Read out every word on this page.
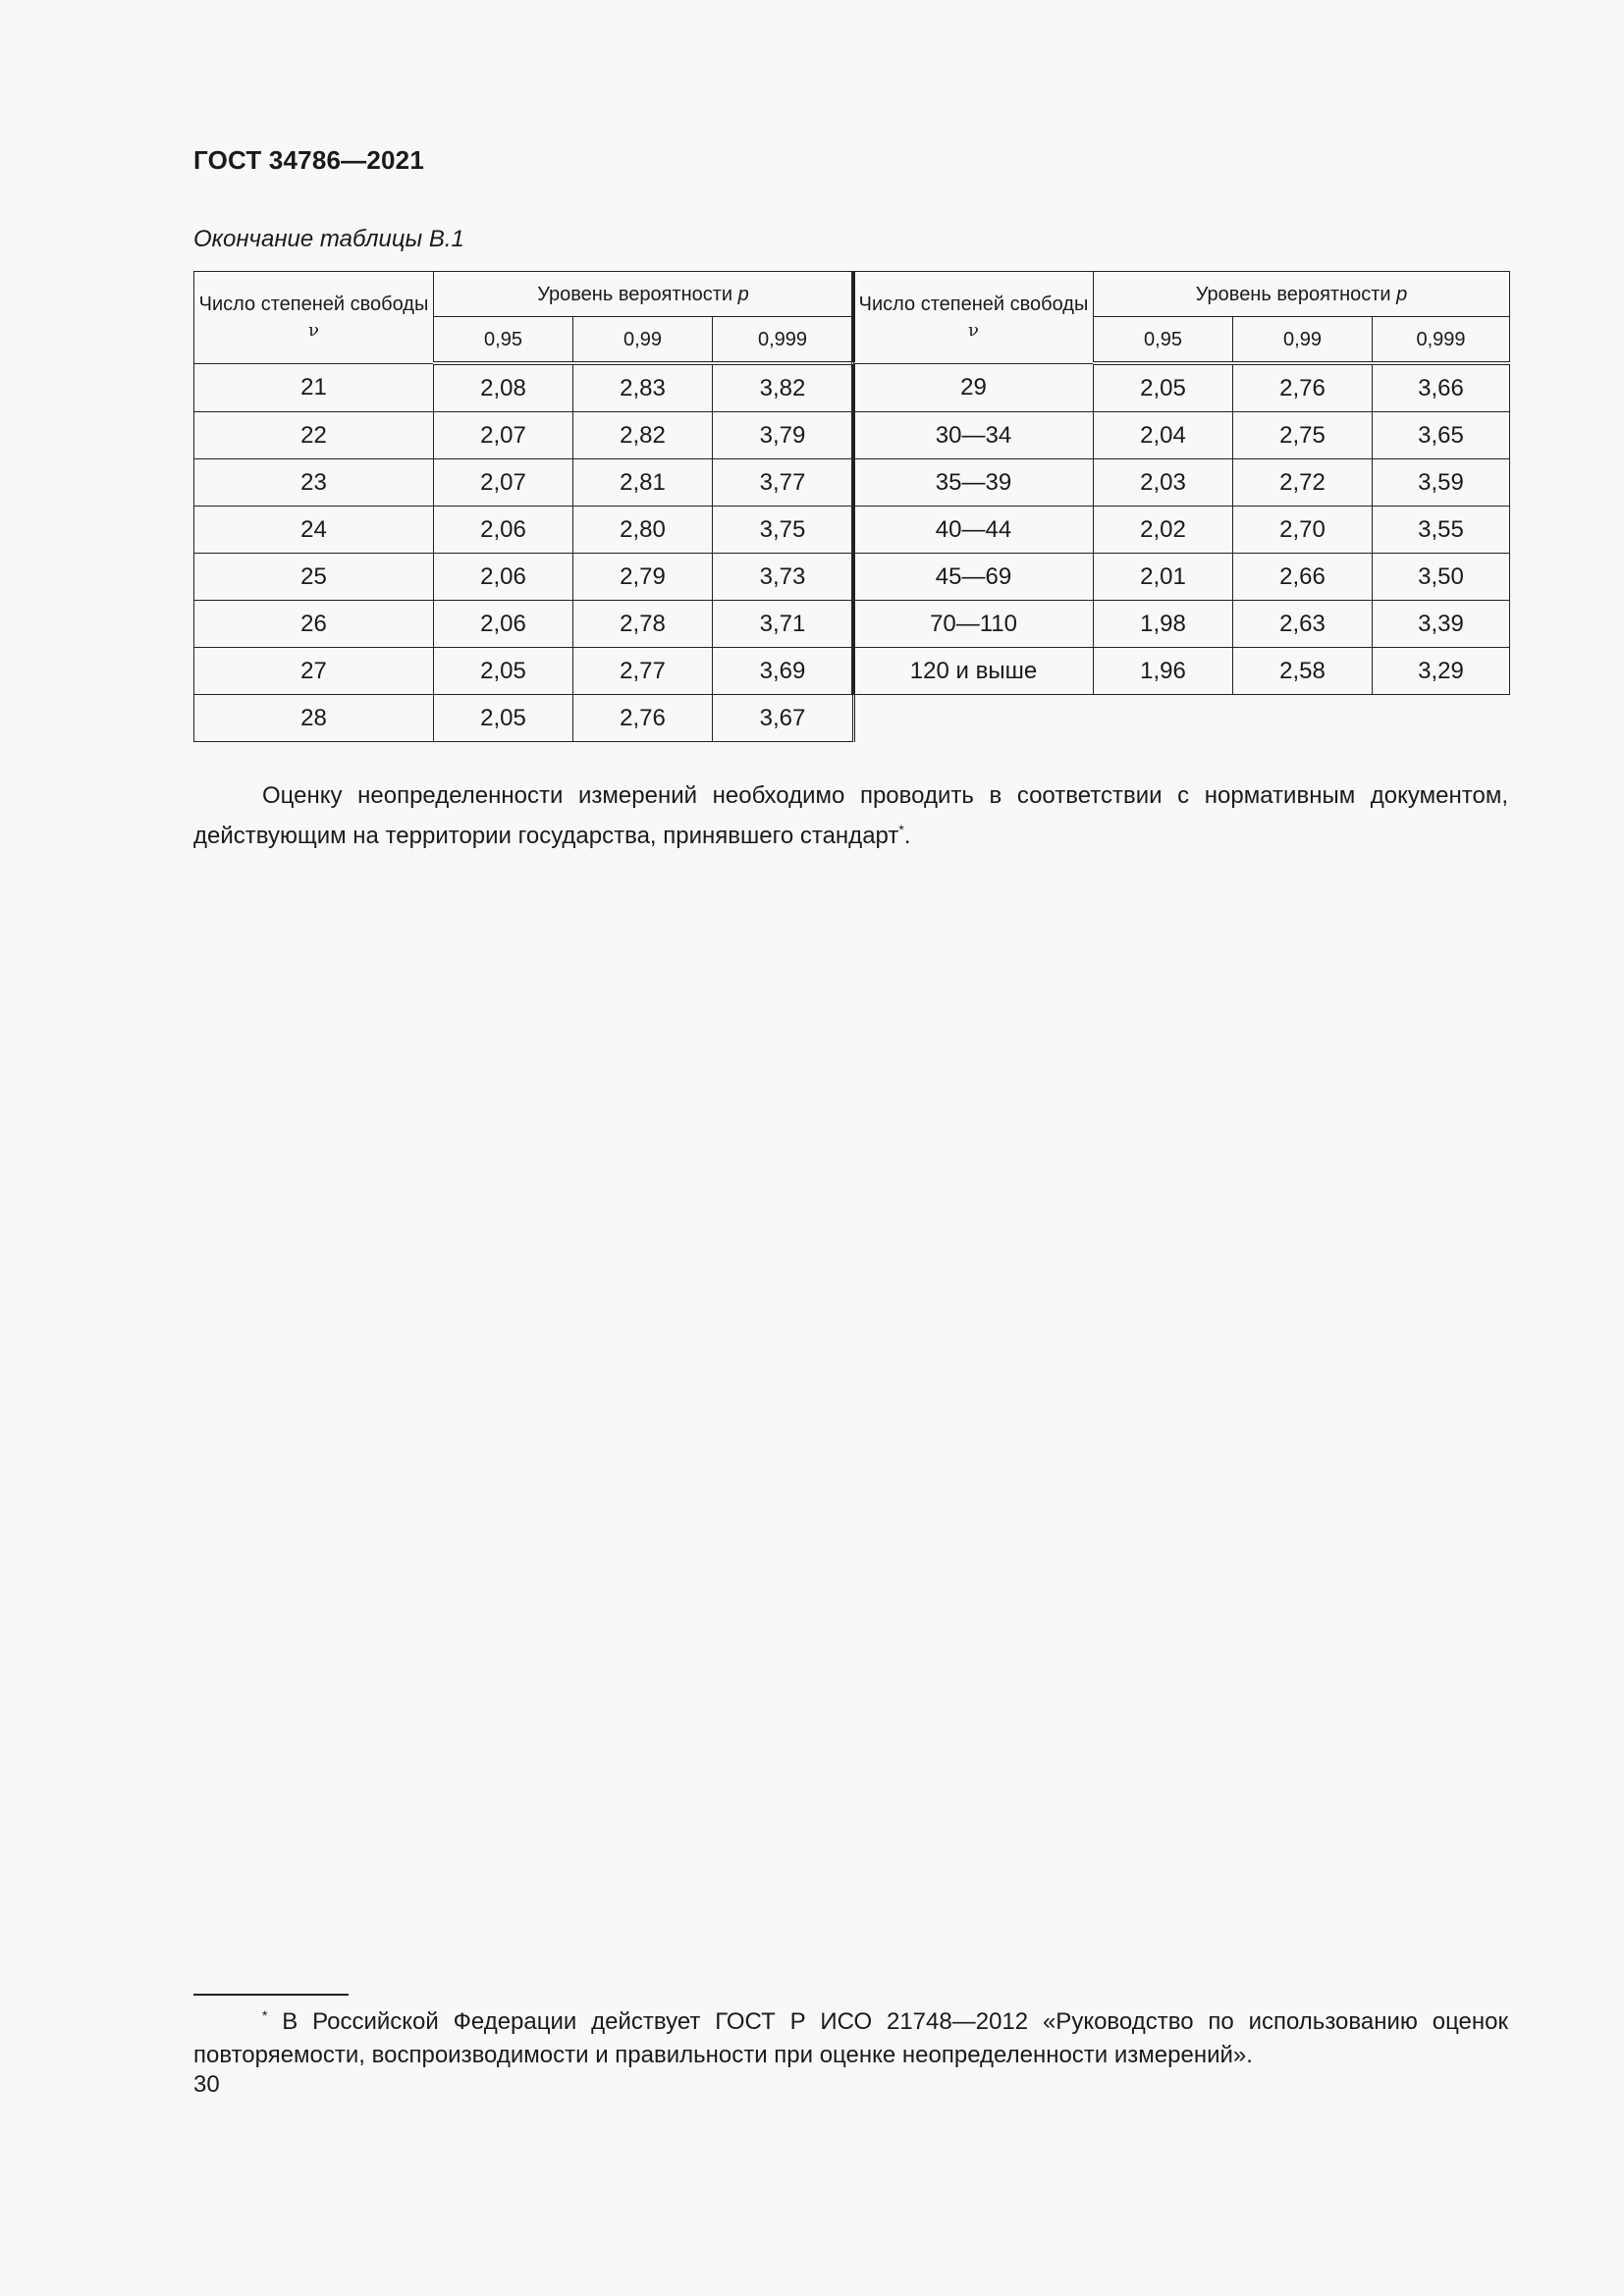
ГОСТ 34786—2021
Окончание таблицы В.1
Число степеней свободы
ν	Уровень вероятности p		
	0,95	0,99	0,999
21	2,08	2,83	3,82
22	2,07	2,82	3,79
23	2,07	2,81	3,77
24	2,06	2,80	3,75
25	2,06	2,79	3,73
26	2,06	2,78	3,71
27	2,05	2,77	3,69
28	2,05	2,76	3,67
Число степеней свободы
ν	Уровень вероятности p		
	0,95	0,99	0,999
29	2,05	2,76	3,66
30—34	2,04	2,75	3,65
35—39	2,03	2,72	3,59
40—44	2,02	2,70	3,55
45—69	2,01	2,66	3,50
70—110	1,98	2,63	3,39
120 и выше	1,96	2,58	3,29
Оценку неопределенности измерений необходимо проводить в соответствии с нормативным документом, действующим на территории государства, принявшего стандарт*.
* В Российской Федерации действует ГОСТ Р ИСО 21748—2012 «Руководство по использованию оценок повторяемости, воспроизводимости и правильности при оценке неопределенности измерений».
30
